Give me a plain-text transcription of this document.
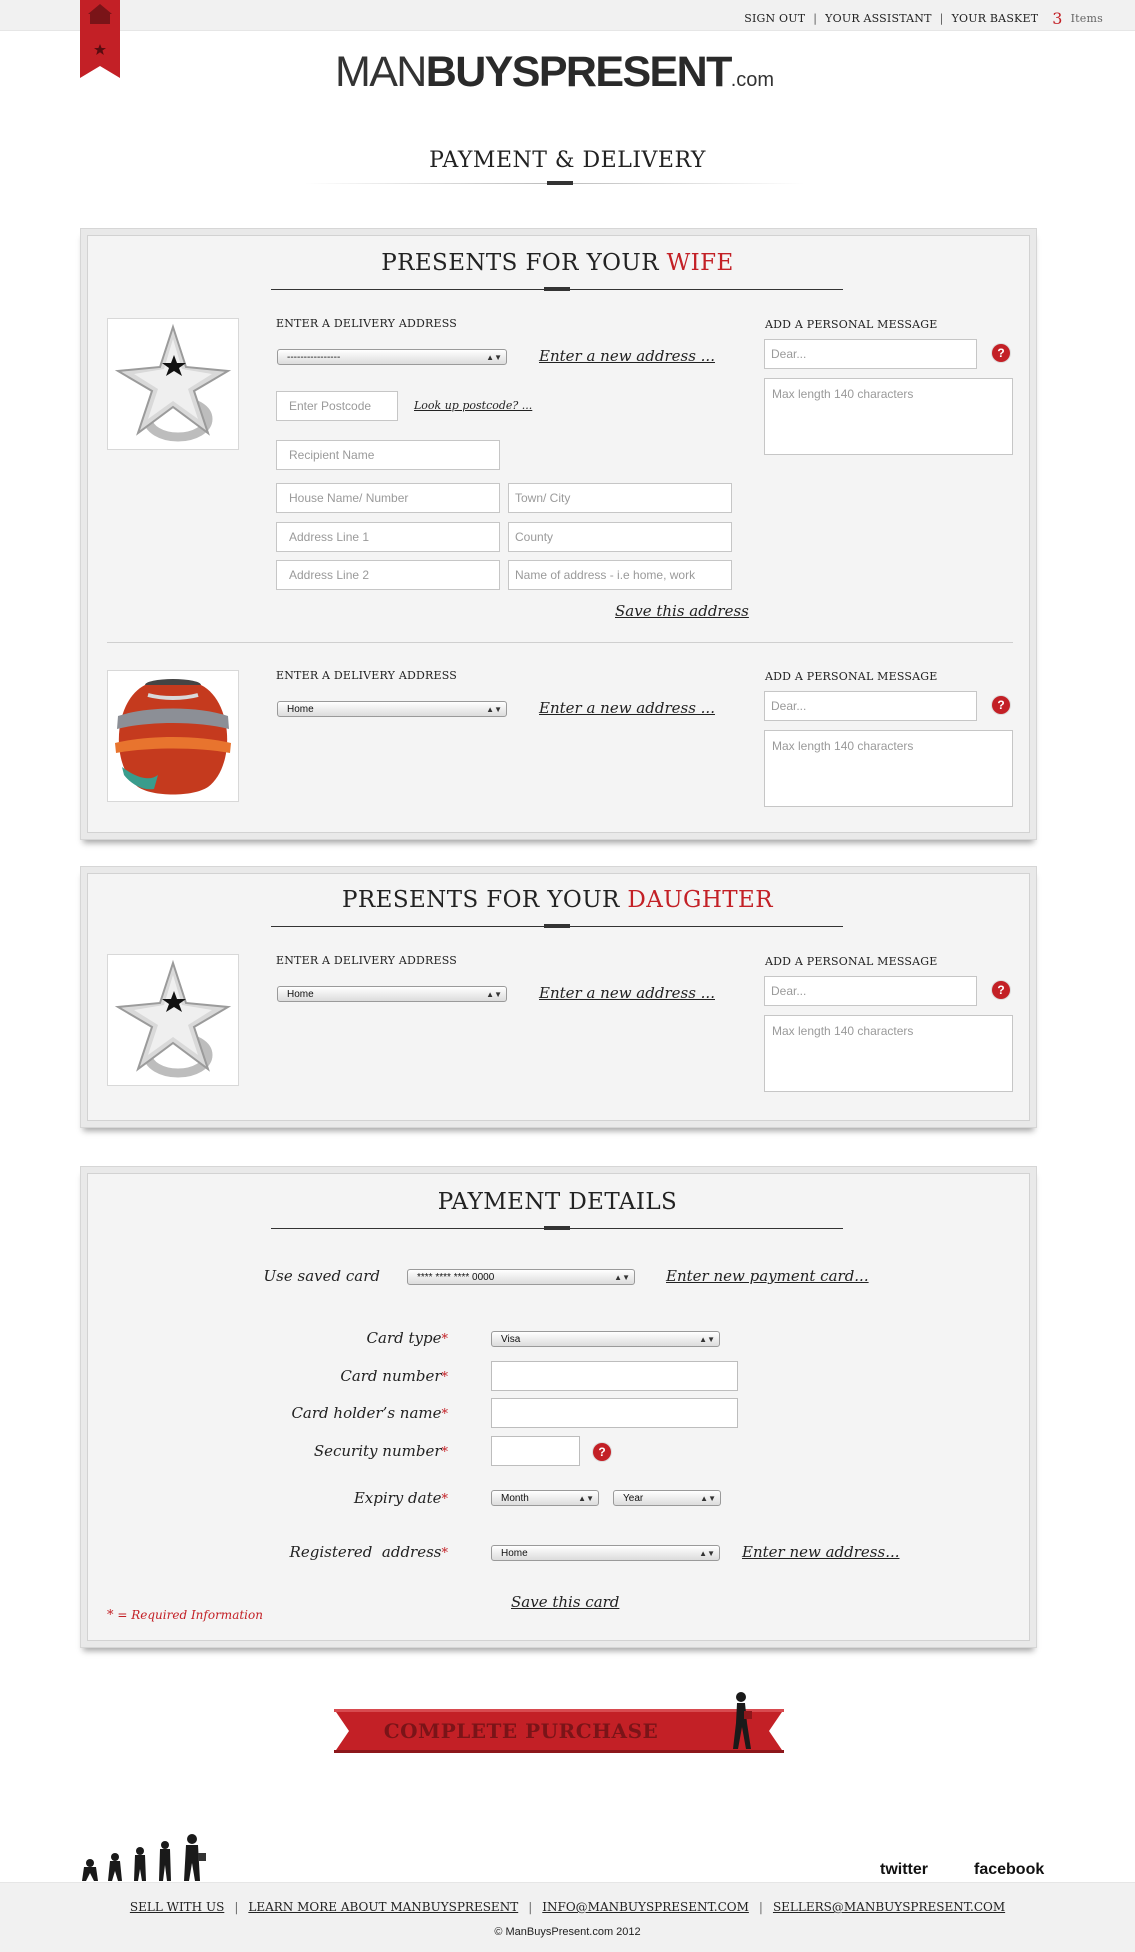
SIGN OUT | YOUR ASSISTANT | YOUR BASKET 3 Items
MANBUYSPRESENT.com
PAYMENT & DELIVERY
PRESENTS FOR YOUR WIFE
ENTER A DELIVERY ADDRESS
----------------	▲▼ Enter a new address ...
Enter Postcode	Look up postcode? ...
Recipient Name
House Name/ Number	Town/ City
Address Line 1	County
Address Line 2	Name of address - i.e home, work
Save this address
ADD A PERSONAL MESSAGE
Dear...	?
Max length 140 characters
ENTER A DELIVERY ADDRESS
Home	▲▼ Enter a new address ...
ADD A PERSONAL MESSAGE
Dear...	?
Max length 140 characters
PRESENTS FOR YOUR DAUGHTER
ENTER A DELIVERY ADDRESS
Home	▲▼ Enter a new address ...
ADD A PERSONAL MESSAGE
Dear...	?
Max length 140 characters
PAYMENT DETAILS
Use saved card	**** **** **** 0000	▲▼ Enter new payment card...
Card type*	Visa	▲▼
Card number*
Card holder’s name*
Security number*	?
Expiry date*	Month	▲▼	Year	▲▼
Registered  address*	Home	▲▼ Enter new address...
Save this card
* = Required Information
COMPLETE PURCHASE
twitter	facebook
SELL WITH US | LEARN MORE ABOUT MANBUYSPRESENT | INFO@MANBUYSPRESENT.COM | SELLERS@MANBUYSPRESENT.COM
© ManBuysPresent.com 2012
